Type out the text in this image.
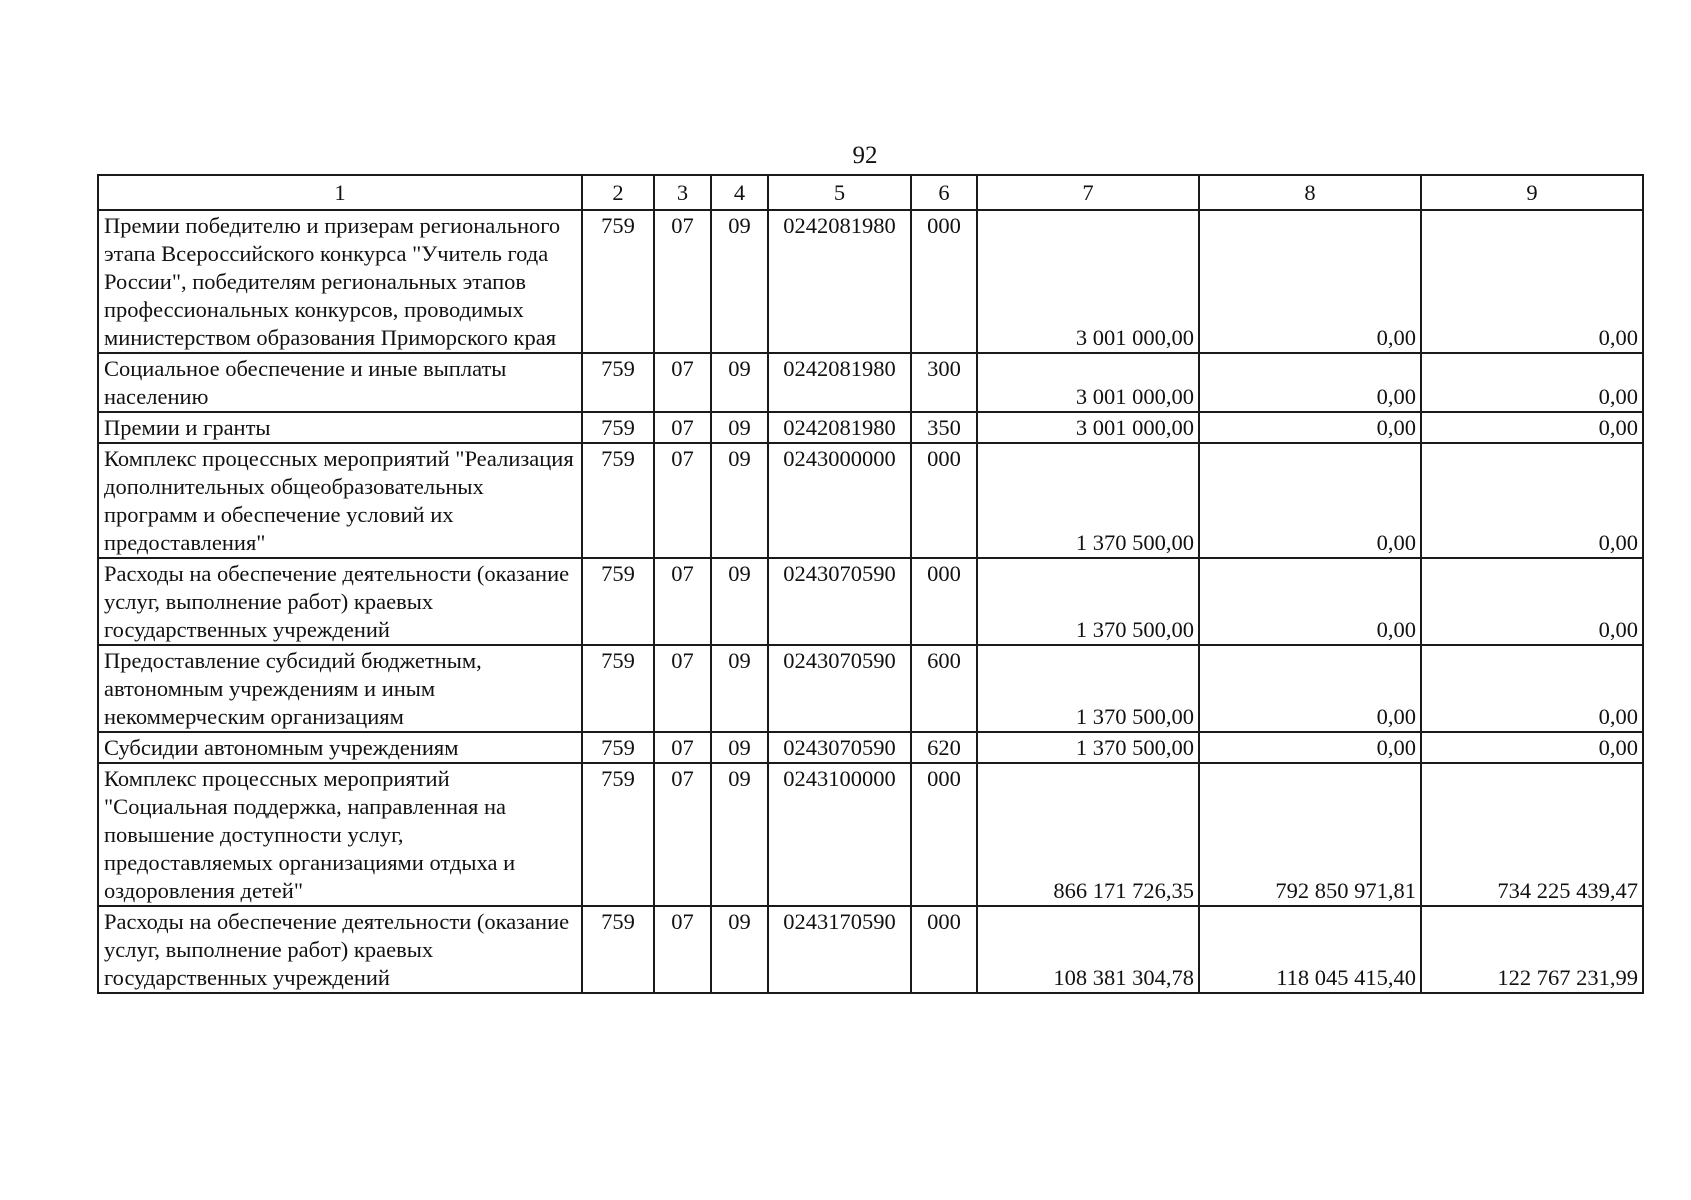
92
1	2	3	4	5	6	7	8	9
Премии победителю и призерам регионального этапа Всероссийского конкурса "Учитель года России", победителям региональных этапов профессиональных конкурсов, проводимых министерством образования Приморского края	759	07	09	0242081980	000	3 001 000,00	0,00	0,00
Социальное обеспечение и иные выплаты населению	759	07	09	0242081980	300	3 001 000,00	0,00	0,00
Премии и гранты	759	07	09	0242081980	350	3 001 000,00	0,00	0,00
Комплекс процессных мероприятий "Реализация дополнительных общеобразовательных программ и обеспечение условий их предоставления"	759	07	09	0243000000	000	1 370 500,00	0,00	0,00
Расходы на обеспечение деятельности (оказание услуг, выполнение работ) краевых государственных учреждений	759	07	09	0243070590	000	1 370 500,00	0,00	0,00
Предоставление субсидий бюджетным, автономным учреждениям и иным некоммерческим организациям	759	07	09	0243070590	600	1 370 500,00	0,00	0,00
Субсидии автономным учреждениям	759	07	09	0243070590	620	1 370 500,00	0,00	0,00
Комплекс процессных мероприятий "Социальная поддержка, направленная на повышение доступности услуг, предоставляемых организациями отдыха и оздоровления детей"	759	07	09	0243100000	000	866 171 726,35	792 850 971,81	734 225 439,47
Расходы на обеспечение деятельности (оказание услуг, выполнение работ) краевых государственных учреждений	759	07	09	0243170590	000	108 381 304,78	118 045 415,40	122 767 231,99
